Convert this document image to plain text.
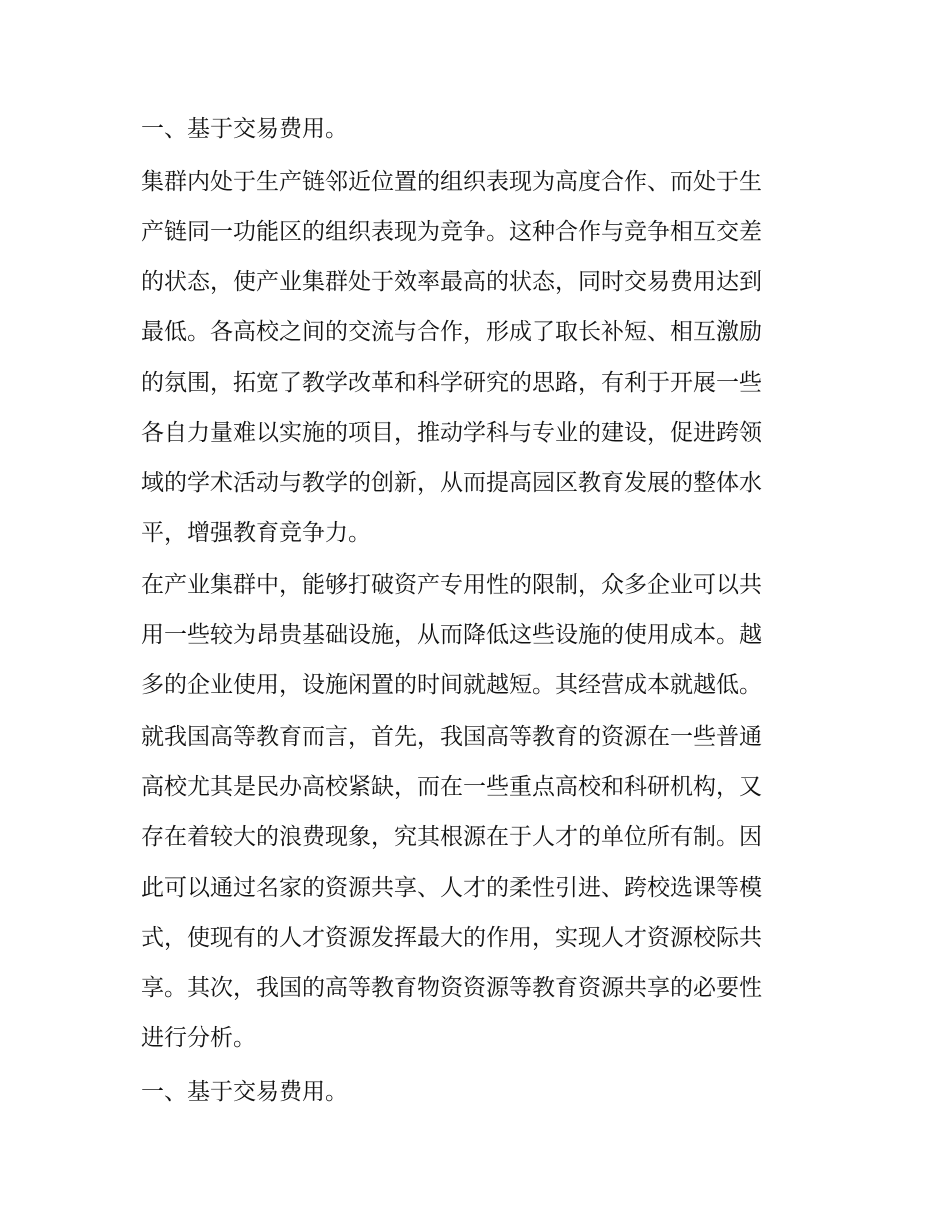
一、基于交易费用。
集群内处于生产链邻近位置的组织表现为高度合作、而处于生
产链同一功能区的组织表现为竞争。这种合作与竞争相互交差
的状态，使产业集群处于效率最高的状态，同时交易费用达到
最低。各高校之间的交流与合作，形成了取长补短、相互激励
的氛围，拓宽了教学改革和科学研究的思路，有利于开展一些
各自力量难以实施的项目，推动学科与专业的建设，促进跨领
域的学术活动与教学的创新，从而提高园区教育发展的整体水
平，增强教育竞争力。
在产业集群中，能够打破资产专用性的限制，众多企业可以共
用一些较为昂贵基础设施，从而降低这些设施的使用成本。越
多的企业使用，设施闲置的时间就越短。其经营成本就越低。
就我国高等教育而言，首先，我国高等教育的资源在一些普通
高校尤其是民办高校紧缺，而在一些重点高校和科研机构，又
存在着较大的浪费现象，究其根源在于人才的单位所有制。因
此可以通过名家的资源共享、人才的柔性引进、跨校选课等模
式，使现有的人才资源发挥最大的作用，实现人才资源校际共
享。其次，我国的高等教育物资资源等教育资源共享的必要性
进行分析。
一、基于交易费用。
